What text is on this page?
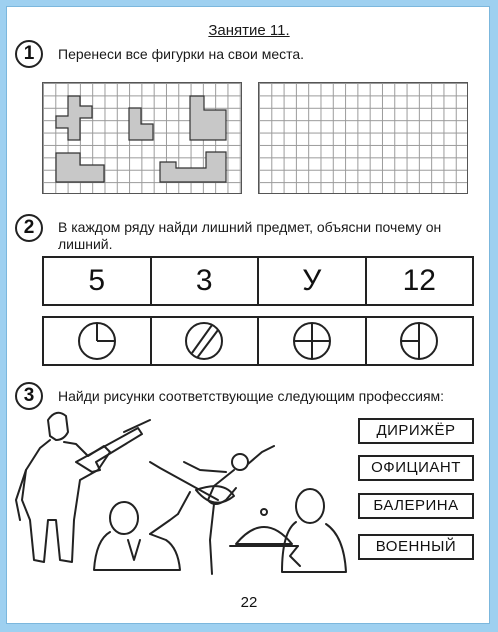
Занятие 11.
1	Перенеси все фигурки на свои места.
2	В каждом ряду найди лишний предмет, объясни почему он лишний.
5	3	У	12
3	Найди рисунки соответствующие следующим профессиям:
ДИРИЖЁР
ОФИЦИАНТ
БАЛЕРИНА
ВОЕННЫЙ
22
